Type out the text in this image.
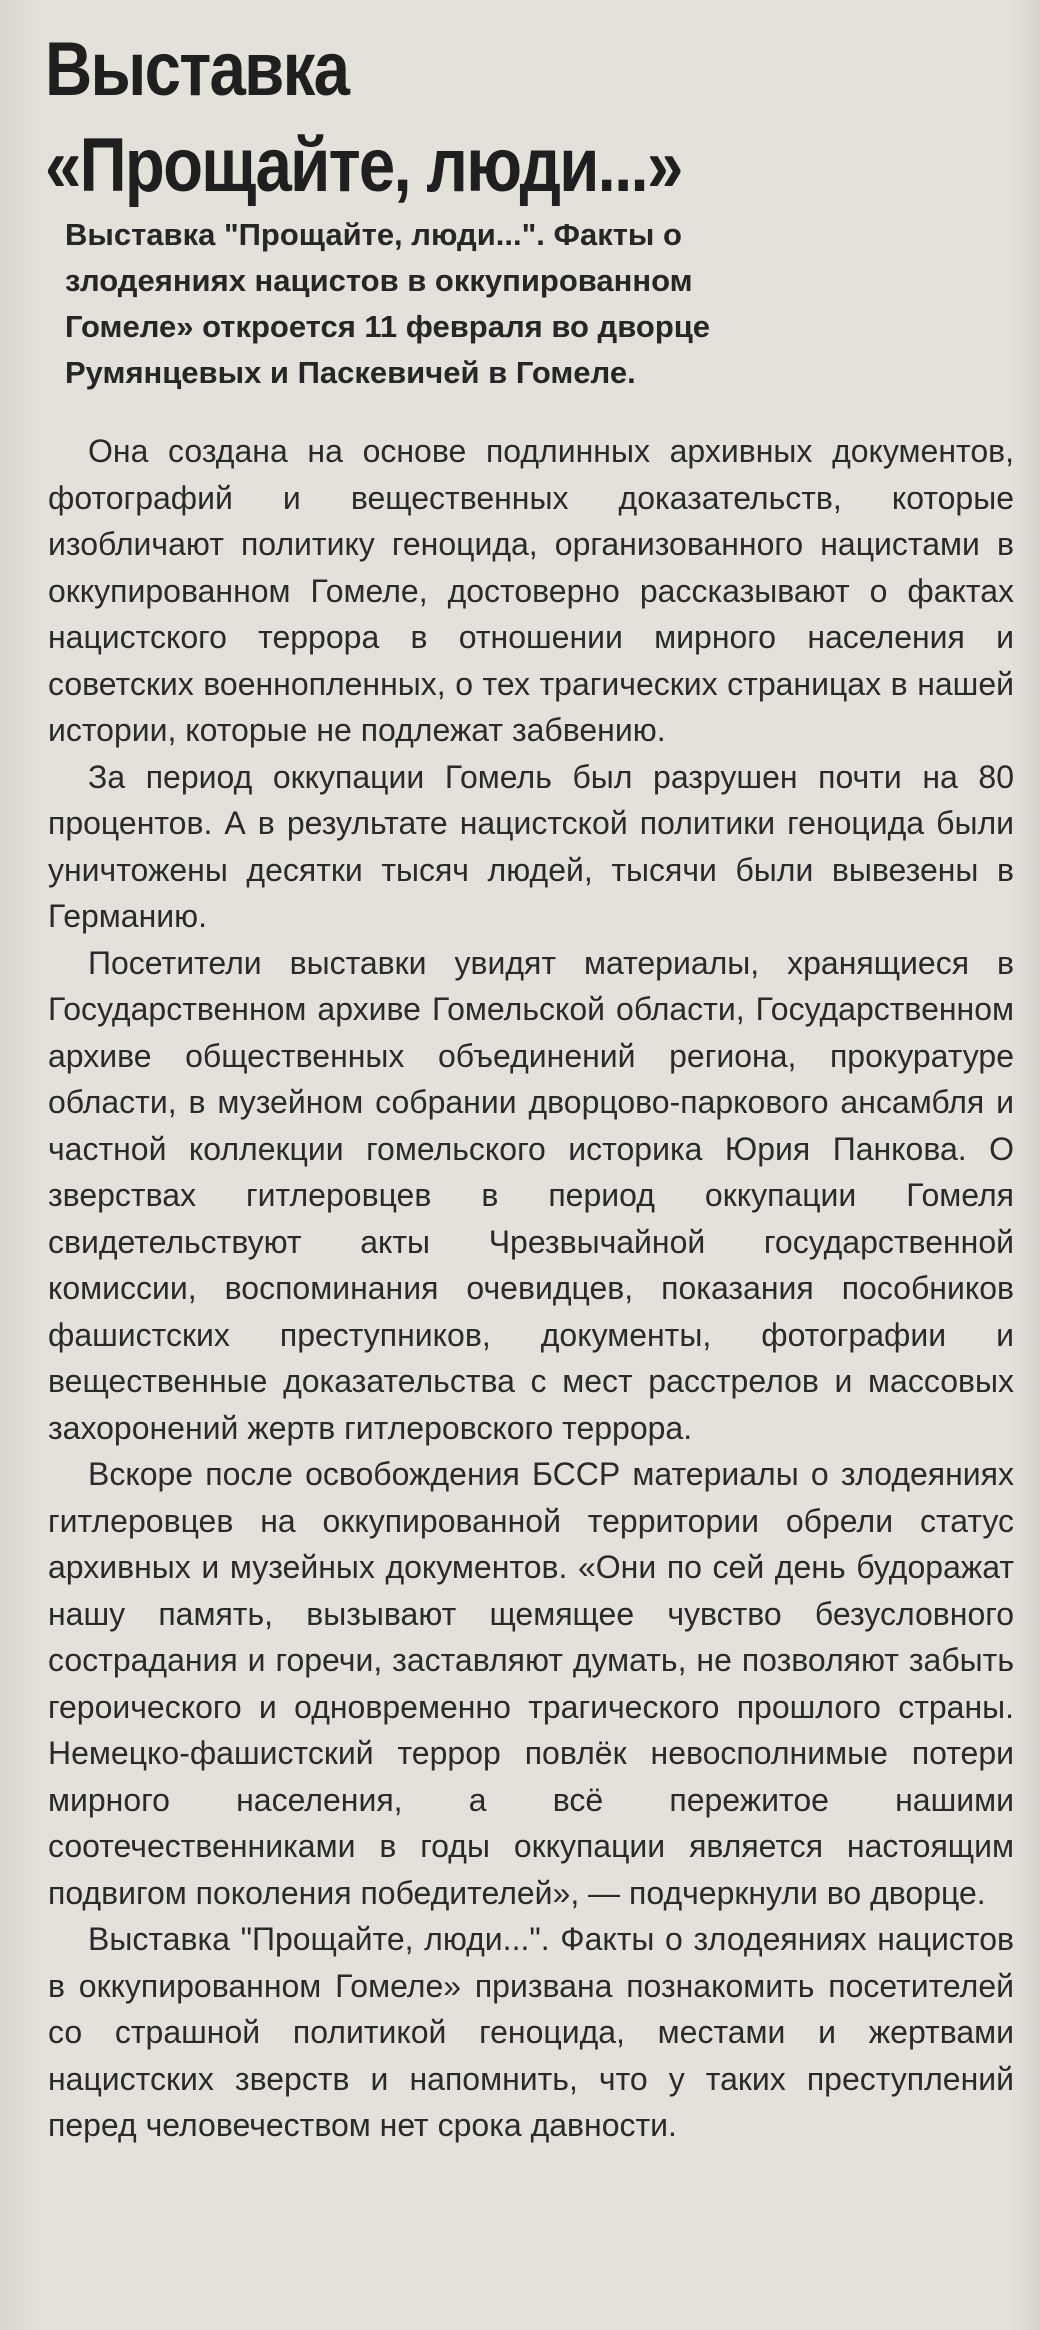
Выставка
«Прощайте, люди...»

Выставка "Прощайте, люди...". Факты о злодеяниях нацистов в оккупированном Гомеле» откроется 11 февраля во дворце Румянцевых и Паскевичей в Гомеле.

Она создана на основе подлинных архивных документов, фотографий и вещественных доказательств, которые изобличают политику геноцида, организованного нацистами в оккупированном Гомеле, достоверно рассказывают о фактах нацистского террора в отношении мирного населения и советских военнопленных, о тех трагических страницах в нашей истории, которые не подлежат забвению.

За период оккупации Гомель был разрушен почти на 80 процентов. А в результате нацистской политики геноцида были уничтожены десятки тысяч людей, тысячи были вывезены в Германию.

Посетители выставки увидят материалы, хранящиеся в Государственном архиве Гомельской области, Государственном архиве общественных объединений региона, прокуратуре области, в музейном собрании дворцово-паркового ансамбля и частной коллекции гомельского историка Юрия Панкова. О зверствах гитлеровцев в период оккупации Гомеля свидетельствуют акты Чрезвычайной государственной комиссии, воспоминания очевидцев, показания пособников фашистских преступников, документы, фотографии и вещественные доказательства с мест расстрелов и массовых захоронений жертв гитлеровского террора.

Вскоре после освобождения БССР материалы о злодеяниях гитлеровцев на оккупированной территории обрели статус архивных и музейных документов. «Они по сей день будоражат нашу память, вызывают щемящее чувство безусловного сострадания и горечи, заставляют думать, не позволяют забыть героического и одновременно трагического прошлого страны. Немецко-фашистский террор повлёк невосполнимые потери мирного населения, а всё пережитое нашими соотечественниками в годы оккупации является настоящим подвигом поколения победителей», — подчеркнули во дворце.

Выставка "Прощайте, люди...". Факты о злодеяниях нацистов в оккупированном Гомеле» призвана познакомить посетителей со страшной политикой геноцида, местами и жертвами нацистских зверств и напомнить, что у таких преступлений перед человечеством нет срока давности.
